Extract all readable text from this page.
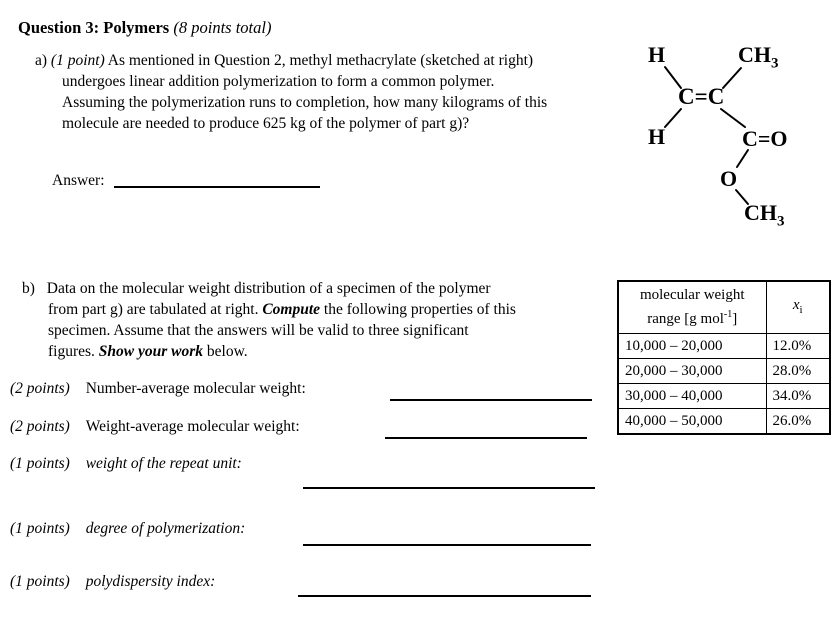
Question 3: Polymers (8 points total)
a) (1 point) As mentioned in Question 2, methyl methacrylate (sketched at right)
undergoes linear addition polymerization to form a common polymer.
Assuming the polymerization runs to completion, how many kilograms of this
molecule are needed to produce 625 kg of the polymer of part g)?
Answer:
H	$CH_3$
C=C
H	C=O
O
$CH_3$
b) Data on the molecular weight distribution of a specimen of the polymer
from part g) are tabulated at right. Compute the following properties of this
specimen. Assume that the answers will be valid to three significant
figures. Show your work below.
molecular weight
range [g mol$^{-1}$]	$x_i$
10,000 – 20,000	12.0%
20,000 – 30,000	28.0%
30,000 – 40,000	34.0%
40,000 – 50,000	26.0%
(2 points) Number-average molecular weight:
(2 points) Weight-average molecular weight:
(1 points) weight of the repeat unit:
(1 points) degree of polymerization:
(1 points) polydispersity index:
